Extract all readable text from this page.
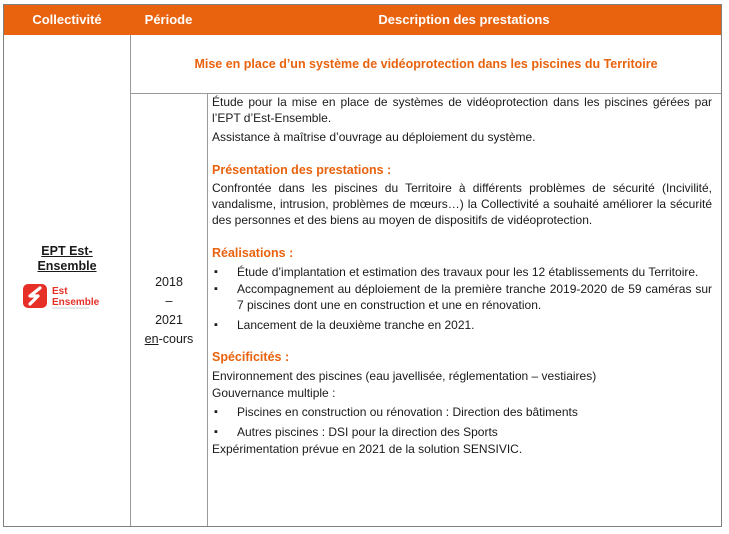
Collectivité	Période	Description des prestations
EPT Est-
Ensemble
Est
Ensemble
Mise en place d’un système de vidéoprotection dans les piscines du Territoire
2018
–
2021
en-cours

Étude pour la mise en place de systèmes de vidéoprotection dans les piscines gérées par l’EPT d’Est-Ensemble.

Assistance à maîtrise d’ouvrage au déploiement du système.

Présentation des prestations :

Confrontée dans les piscines du Territoire à différents problèmes de sécurité (Incivilité, vandalisme, intrusion, problèmes de mœurs…) la Collectivité a souhaité améliorer la sécurité des personnes et des biens au moyen de dispositifs de vidéoprotection.

Réalisations :

▪ Étude d’implantation et estimation des travaux pour les 12 établissements du Territoire.

▪ Accompagnement au déploiement de la première tranche 2019-2020 de 59 caméras sur 7 piscines dont une en construction et une en rénovation.

▪ Lancement de la deuxième tranche en 2021.

Spécificités :

Environnement des piscines (eau javellisée, réglementation – vestiaires)

Gouvernance multiple :

▪ Piscines en construction ou rénovation : Direction des bâtiments

▪ Autres piscines : DSI pour la direction des Sports

Expérimentation prévue en 2021 de la solution SENSIVIC.
